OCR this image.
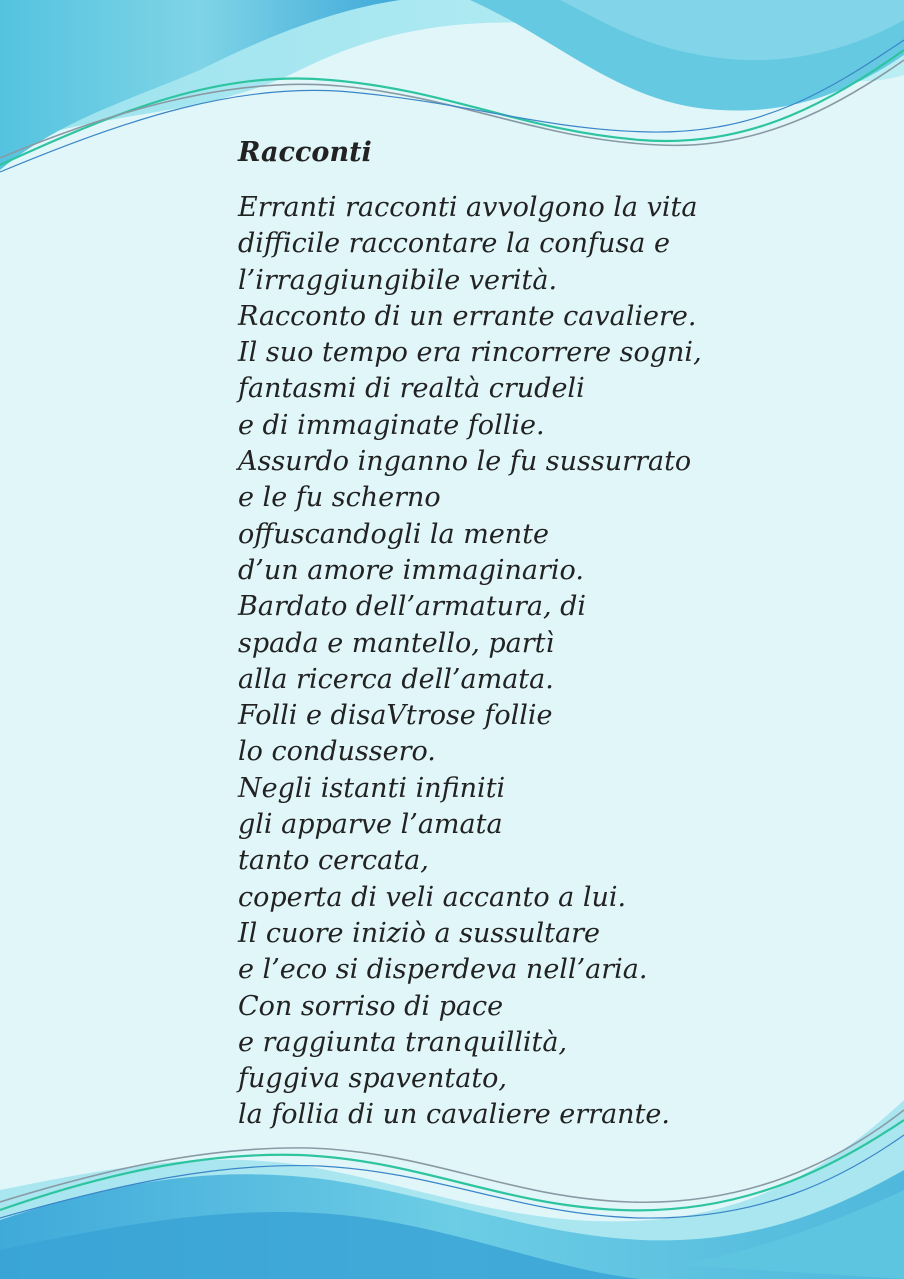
Racconti
Erranti racconti avvolgono la vita
difficile raccontare la confusa e
l’irraggiungibile verità.
Racconto di un errante cavaliere.
Il suo tempo era rincorrere sogni,
fantasmi di realtà crudeli
e di immaginate follie.
Assurdo inganno le fu sussurrato
e le fu scherno
offuscandogli la mente
d’un amore immaginario.
Bardato dell’armatura, di
spada e mantello, partì
alla ricerca dell’amata.
Folli e disaVtrose follie
lo condussero.
Negli istanti infiniti
gli apparve l’amata
tanto cercata,
coperta di veli accanto a lui.
Il cuore iniziò a sussultare
e l’eco si disperdeva nell’aria.
Con sorriso di pace
e raggiunta tranquillità,
fuggiva spaventato,
la follia di un cavaliere errante.
